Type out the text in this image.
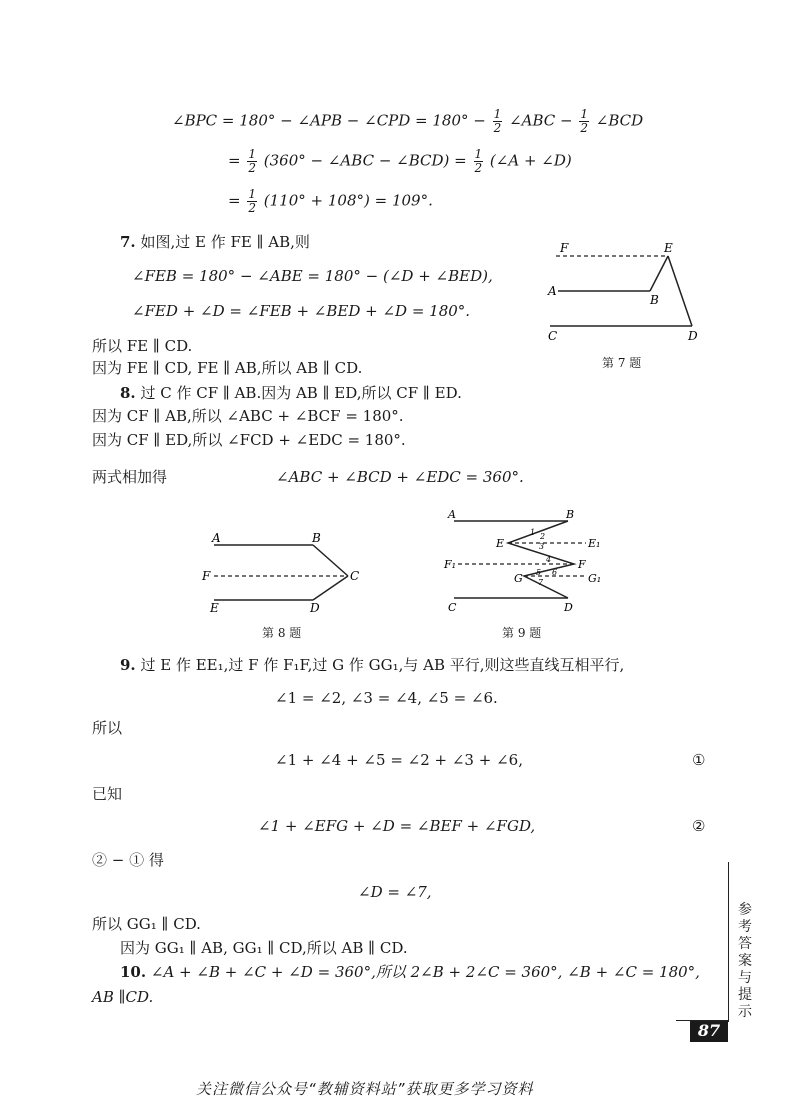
∠BPC = 180° − ∠APB − ∠CPD = $180^\circ - \frac{1}{2}$ ∠ABC − $\frac{1}{2}$ ∠BCD
= $\frac{1}{2} (360^\circ$ − ∠ABC − ∠BCD) = $\frac{1}{2}$ (∠A + ∠D)
= $\frac{1}{2} (110^\circ + 108^\circ) = 109^\circ$.
7. 如图,过 E 作 FE ∥ AB,则
∠FEB = 180° − ∠ABE = 180° − (∠D + ∠BED),
∠FED + ∠D = ∠FEB + ∠BED + ∠D = 180°.
所以 FE ∥ CD.
因为 FE ∥ CD, FE ∥ AB,所以 AB ∥ CD.
F	E
A
B
C	D
第 7 题
8. 过 C 作 CF ∥ AB.因为 AB ∥ ED,所以 CF ∥ ED.
因为 CF ∥ AB,所以 ∠ABC + ∠BCF = 180°.
因为 CF ∥ ED,所以 ∠FCD + ∠EDC = 180°.
两式相加得	∠ABC + ∠BCD + ∠EDC = 360°.
A	B
F	C
E	D
第 8 题
A	B
E	E₁
F₁	F
G	G₁
C	D
1 2
3
4
5 6
7
第 9 题
9. 过 E 作 EE₁,过 F 作 F₁F,过 G 作 GG₁,与 AB 平行,则这些直线互相平行,
∠1 = ∠2, ∠3 = ∠4, ∠5 = ∠6.
所以
∠1 + ∠4 + ∠5 = ∠2 + ∠3 + ∠6,	①
已知
∠1 + ∠EFG + ∠D = ∠BEF + ∠FGD,	②
② − ① 得
∠D = ∠7,
所以 GG₁ ∥ CD.
因为 GG₁ ∥ AB, GG₁ ∥ CD,所以 AB ∥ CD.
10. ∠A + ∠B + ∠C + ∠D = 360°,所以 2∠B + 2∠C = 360°, ∠B + ∠C = 180°,
AB ∥CD.
参考答案与提示
87
关注微信公众号“教辅资料站”获取更多学习资料
